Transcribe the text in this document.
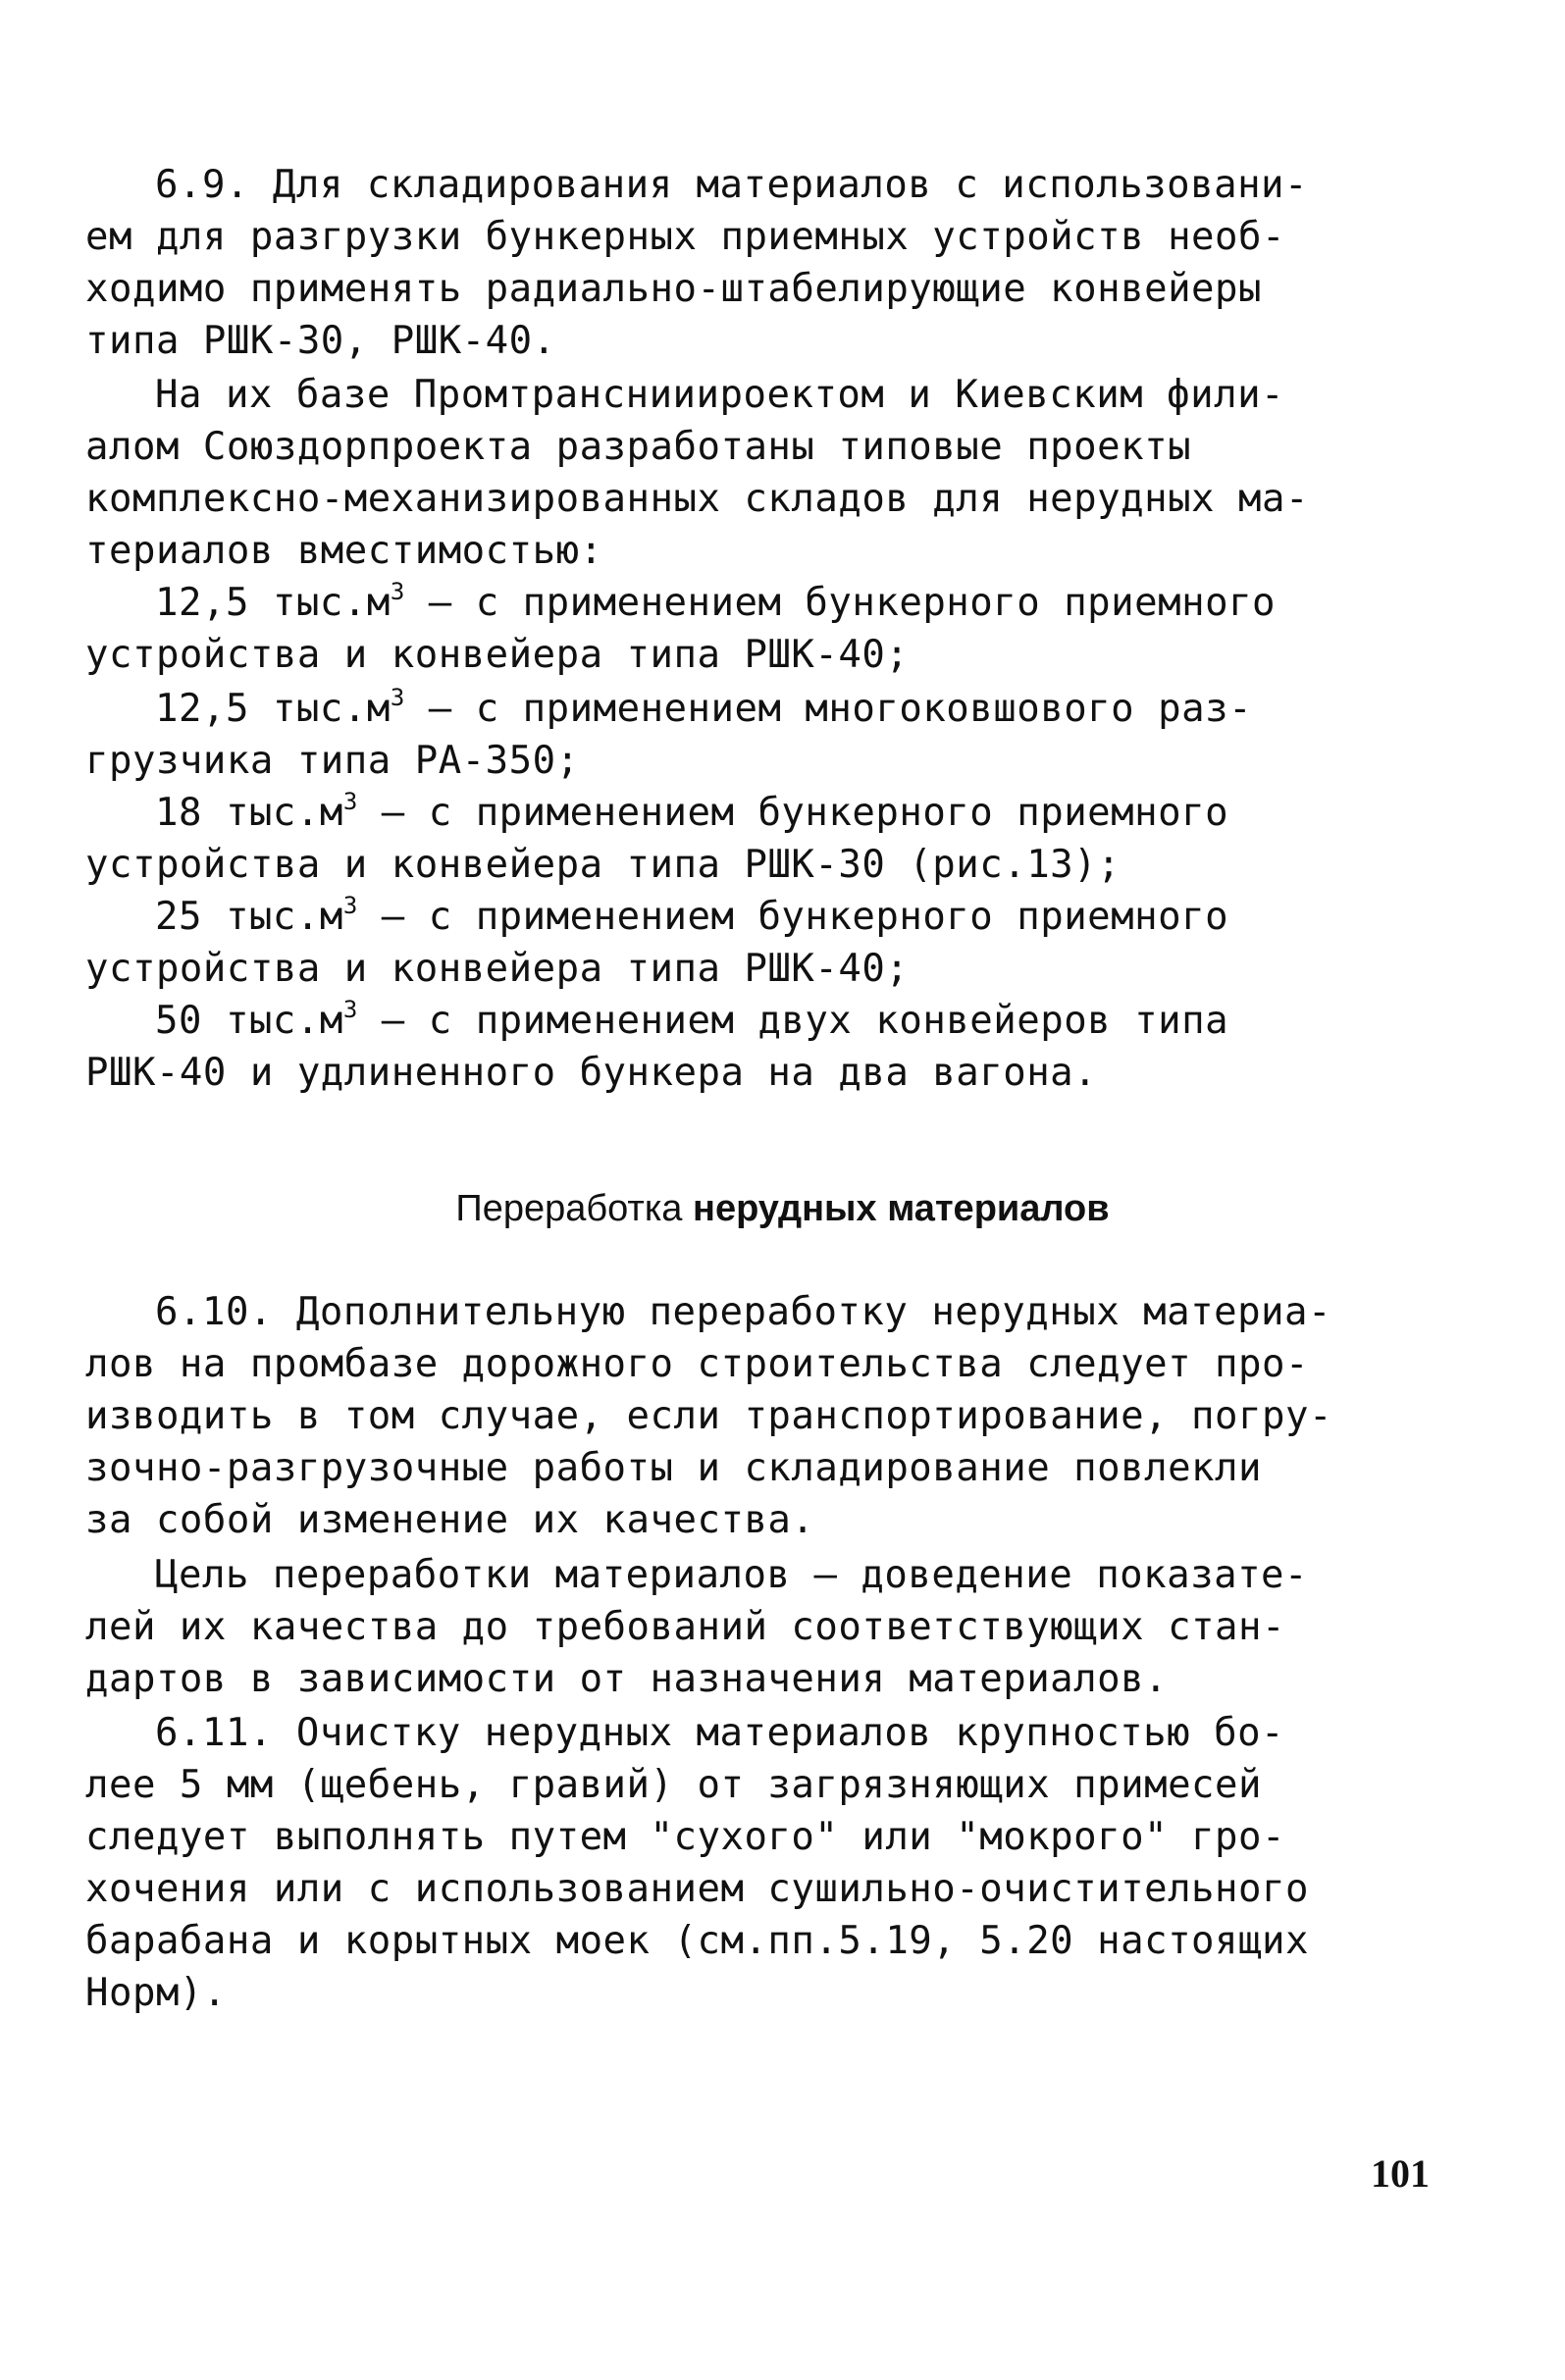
6.9. Для складирования материалов с использовани-
ем для разгрузки бункерных приемных устройств необ-
ходимо применять радиально-штабелирующие конвейеры
типа РШК-30, РШК-40.
На их базе Промтранснииироектом и Киевским фили-
алом Союздорпроекта разработаны типовые проекты
комплексно-механизированных складов для нерудных ма-
териалов вместимостью:
12,5 $тыс.м^3$ – с применением бункерного приемного
устройства и конвейера типа РШК-40;
12,5 $тыс.м^3$ – с применением многоковшового раз-
грузчика типа РА-350;
18 $тыс.м^3$ – с применением бункерного приемного
устройства и конвейера типа РШК-30 (рис.13);
25 $тыс.м^3$ – с применением бункерного приемного
устройства и конвейера типа РШК-40;
50 $тыс.м^3$ – с применением двух конвейеров типа
РШК-40 и удлиненного бункера на два вагона.
Переработка нерудных материалов
6.10. Дополнительную переработку нерудных материа-
лов на промбазе дорожного строительства следует про-
изводить в том случае, если транспортирование, погру-
зочно-разгрузочные работы и складирование повлекли
за собой изменение их качества.
Цель переработки материалов – доведение показате-
лей их качества до требований соответствующих стан-
дартов в зависимости от назначения материалов.
6.11. Очистку нерудных материалов крупностью бо-
лее 5 мм (щебень, гравий) от загрязняющих примесей
следует выполнять путем "сухого" или "мокрого" гро-
хочения или с использованием сушильно-очистительного
барабана и корытных моек (см.пп.5.19, 5.20 настоящих
Норм).
101
